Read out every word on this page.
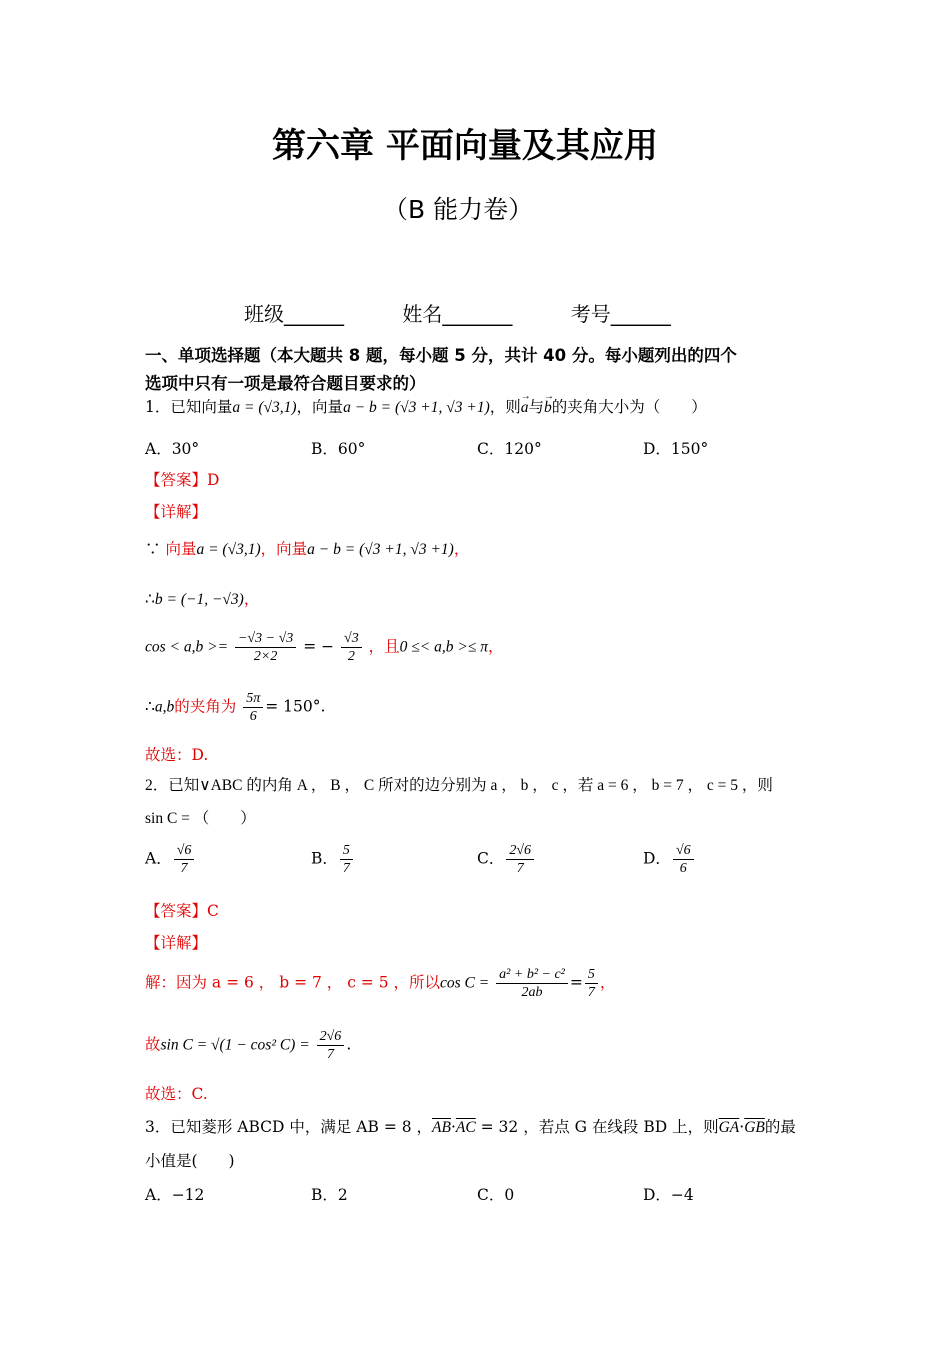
第六章 平面向量及其应用
（B 能力卷）
班级______	姓名_______	考号______
一、单项选择题（本大题共 8 题，每小题 5 分，共计 40 分。每小题列出的四个
选项中只有一项是最符合题目要求的）
1．已知向量a = (√3,1)，向量a − b = (√3 +1, √3 +1)，则→ a与→ b的夹角大小为（　　）
A．30°	B．60°	C．120°	D．150°
【答案】D
【详解】
∵ 向量a = (√3,1)，向量a − b = (√3 +1, √3 +1)，
∴b = (−1, −√3)，
$\cos < a,b >= \frac{-√3 - √3}{2\times 2}$ = − $\frac{√3}{2}$ ，且0 ≤< a,b >≤ π，
∴a,b的夹角为 $\frac{5\pi}{6} = 150^\circ$.
故选：D.
2．已知∨ABC 的内角 A ， B ， C 所对的边分别为 a ， b ， c ，若 a = 6 ， b = 7 ， c = 5 ，则
sin C = （　　）
A． $\frac{√6}{7}$	B． $\frac{5}{7}$	C． $\frac{2√6}{7}$	D． $\frac{√6}{6}$
【答案】C
【详解】
解：因为 a = 6 ， b = 7 ， c = 5 ，所以$\cos C = \frac{\text{a² + b² − c²}}{2ab} = \frac{5}{7}$ ，
故sin C = √(1 − cos² $C) = \frac{2√6}{7}$ .
故选：C.
3．已知菱形 ABCD 中，满足 AB = 8 ，$\overline{AB}\cdot\overline{AC} = 32$ ，若点 G 在线段 BD 上，则$\overline{GA}\cdot\overline{GB}$的最
小值是(　　)
A．−12	B．2	C．0	D．−4
